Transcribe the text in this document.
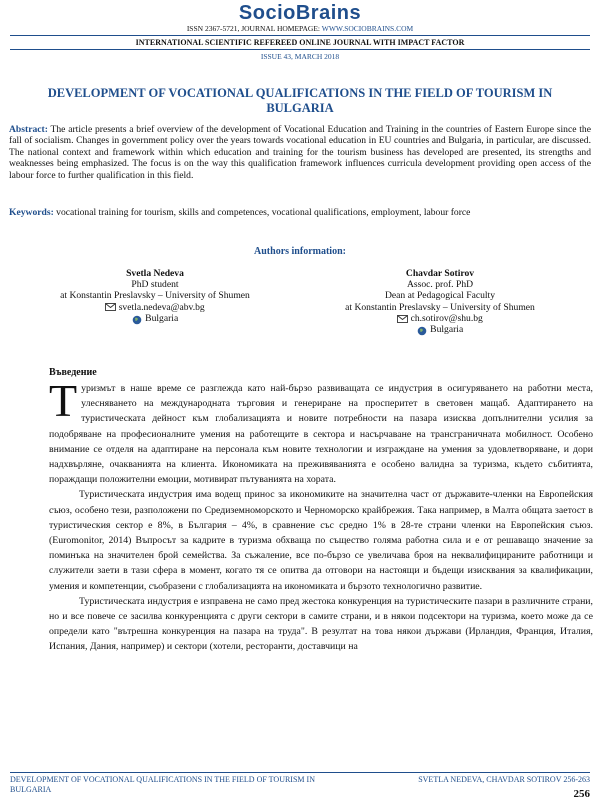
SocioBrains
ISSN 2367-5721, JOURNAL HOMEPAGE: WWW.SOCIOBRAINS.COM
INTERNATIONAL SCIENTIFIC REFEREED ONLINE JOURNAL WITH IMPACT FACTOR
ISSUE 43, MARCH 2018
DEVELOPMENT OF VOCATIONAL QUALIFICATIONS IN THE FIELD OF TOURISM IN BULGARIA
Abstract: The article presents a brief overview of the development of Vocational Education and Training in the countries of Eastern Europe since the fall of socialism. Changes in government policy over the years towards vocational education in EU countries and Bulgaria, in particular, are discussed. The national context and framework within which education and training for the tourism business has developed are presented, its strengths and weaknesses being emphasized. The focus is on the way this qualification framework influences curricula development providing open access of the labour force to further qualification in this field.
Keywords: vocational training for tourism, skills and competences, vocational qualifications, employment, labour force
Authors information:
Svetla Nedeva
PhD student
at Konstantin Preslavsky – University of Shumen
svetla.nedeva@abv.bg
Bulgaria
Chavdar Sotirov
Assoc. prof. PhD
Dean at Pedagogical Faculty
at Konstantin Preslavsky – University of Shumen
ch.sotirov@shu.bg
Bulgaria
Въведение

Туризмът в наше време се разглежда като най-бързо развиващата се индустрия в осигуряването на работни места, улесняването на международната търговия и генериране на просперитет в световен мащаб. Адаптирането на туристическата дейност към глобализацията и новите потребности на пазара изисква допълнителни усилия за подобряване на професионалните умения на работещите в сектора и насърчаване на трансграничната мобилност. Особено внимание се отделя на адаптиране на персонала към новите технологии и изграждане на умения за удовлетворяване, и дори надхвърляне, очакванията на клиента. Икономиката на преживяванията е особено валидна за туризма, където събитията, пораждащи положителни емоции, мотивират пътуванията на хората.

Туристическата индустрия има водещ принос за икономиките на значителна част от държавите-членки на Европейския съюз, особено тези, разположени по Средиземноморското и Черноморско крайбрежия. Така например, в Малта общата заетост в туристическия сектор е 8%, в България – 4%, в сравнение със средно 1% в 28-те страни членки на Европейския съюз. (Euromonitor, 2014) Въпросът за кадрите в туризма обхваща по същество голяма работна сила и е от решаващо значение за поминъка на значителен брой семейства. За съжаление, все по-бързо се увеличава броя на неквалифицираните работници и служители заети в тази сфера в момент, когато тя се опитва да отговори на настоящи и бъдещи изисквания за квалификации, умения и компетенции, съобразени с глобализацията на икономиката и бързото технологично развитие.

Туристическата индустрия е изправена не само пред жестока конкуренция на туристическите пазари в различните страни, но и все повече се засилва конкуренцията с други сектори в самите страни, и в някои подсектори на туризма, което може да се определи като "вътрешна конкуренция на пазара на труда". В резултат на това някои държави (Ирландия, Франция, Италия, Испания, Дания, например) и сектори (хотели, ресторанти, доставчици на

DEVELOPMENT OF VOCATIONAL QUALIFICATIONS IN THE FIELD OF TOURISM IN BULGARIA
SVETLA NEDEVA, CHAVDAR SOTIROV 256-263
256
